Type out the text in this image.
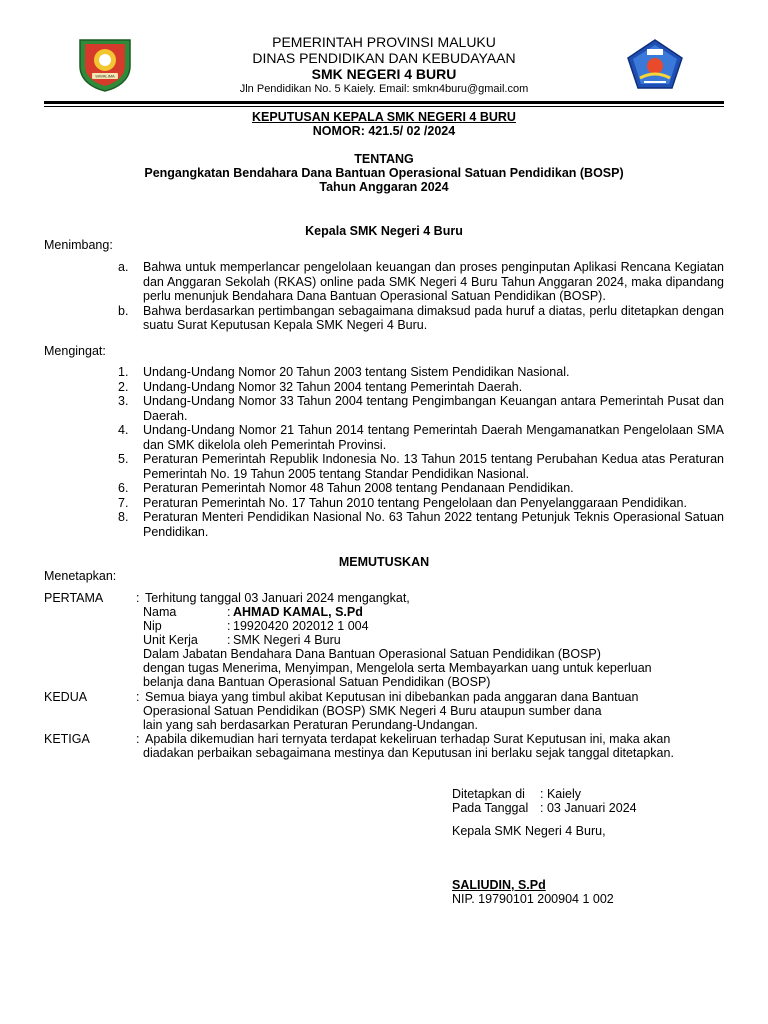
SIWALIMA
PEMERINTAH PROVINSI MALUKU
DINAS PENDIDIKAN DAN KEBUDAYAAN
SMK NEGERI 4 BURU
Jln Pendidikan No. 5 Kaiely. Email: smkn4buru@gmail.com
KEPUTUSAN KEPALA SMK NEGERI 4 BURU
NOMOR: 421.5/ 02 /2024
TENTANG
Pengangkatan Bendahara Dana Bantuan Operasional Satuan Pendidikan (BOSP)
Tahun Anggaran 2024
Kepala SMK Negeri 4 Buru
Menimbang:
a. Bahwa untuk memperlancar pengelolaan keuangan dan proses penginputan Aplikasi Rencana Kegiatan dan Anggaran Sekolah (RKAS) online pada SMK Negeri 4 Buru Tahun Anggaran 2024, maka dipandang perlu menunjuk Bendahara Dana Bantuan Operasional Satuan Pendidikan (BOSP).
b. Bahwa berdasarkan pertimbangan sebagaimana dimaksud pada huruf a diatas, perlu ditetapkan dengan suatu Surat Keputusan Kepala SMK Negeri 4 Buru.
Mengingat:
1. Undang-Undang Nomor 20 Tahun 2003 tentang Sistem Pendidikan Nasional.
2. Undang-Undang Nomor 32 Tahun 2004 tentang Pemerintah Daerah.
3. Undang-Undang Nomor 33 Tahun 2004 tentang Pengimbangan Keuangan antara Pemerintah Pusat dan Daerah.
4. Undang-Undang Nomor 21 Tahun 2014 tentang Pemerintah Daerah Mengamanatkan Pengelolaan SMA dan SMK dikelola oleh Pemerintah Provinsi.
5. Peraturan Pemerintah Republik Indonesia No. 13 Tahun 2015 tentang Perubahan Kedua atas Peraturan Pemerintah No. 19 Tahun 2005 tentang Standar Pendidikan Nasional.
6. Peraturan Pemerintah Nomor 48 Tahun 2008 tentang Pendanaan Pendidikan.
7. Peraturan Pemerintah No. 17 Tahun 2010 tentang Pengelolaan dan Penyelanggaraan Pendidikan.
8. Peraturan Menteri Pendidikan Nasional No. 63 Tahun 2022 tentang Petunjuk Teknis Operasional Satuan Pendidikan.
MEMUTUSKAN
Menetapkan:
PERTAMA	: Terhitung tanggal 03 Januari 2024 mengangkat,
Nama	: AHMAD KAMAL, S.Pd
Nip	: 19920420 202012 1 004
Unit Kerja : SMK Negeri 4 Buru
Dalam Jabatan Bendahara Dana Bantuan Operasional Satuan Pendidikan (BOSP)
dengan tugas Menerima, Menyimpan, Mengelola serta Membayarkan uang untuk keperluan
belanja dana Bantuan Operasional Satuan Pendidikan (BOSP)
KEDUA	: Semua biaya yang timbul akibat Keputusan ini dibebankan pada anggaran dana Bantuan
Operasional Satuan Pendidikan (BOSP) SMK Negeri 4 Buru ataupun sumber dana
lain yang sah berdasarkan Peraturan Perundang-Undangan.
KETIGA	: Apabila dikemudian hari ternyata terdapat kekeliruan terhadap Surat Keputusan ini, maka akan
diadakan perbaikan sebagaimana mestinya dan Keputusan ini berlaku sejak tanggal ditetapkan.
Ditetapkan di : Kaiely
Pada Tanggal : 03 Januari 2024
Kepala SMK Negeri 4 Buru,
SALIUDIN, S.Pd
NIP. 19790101 200904 1 002
